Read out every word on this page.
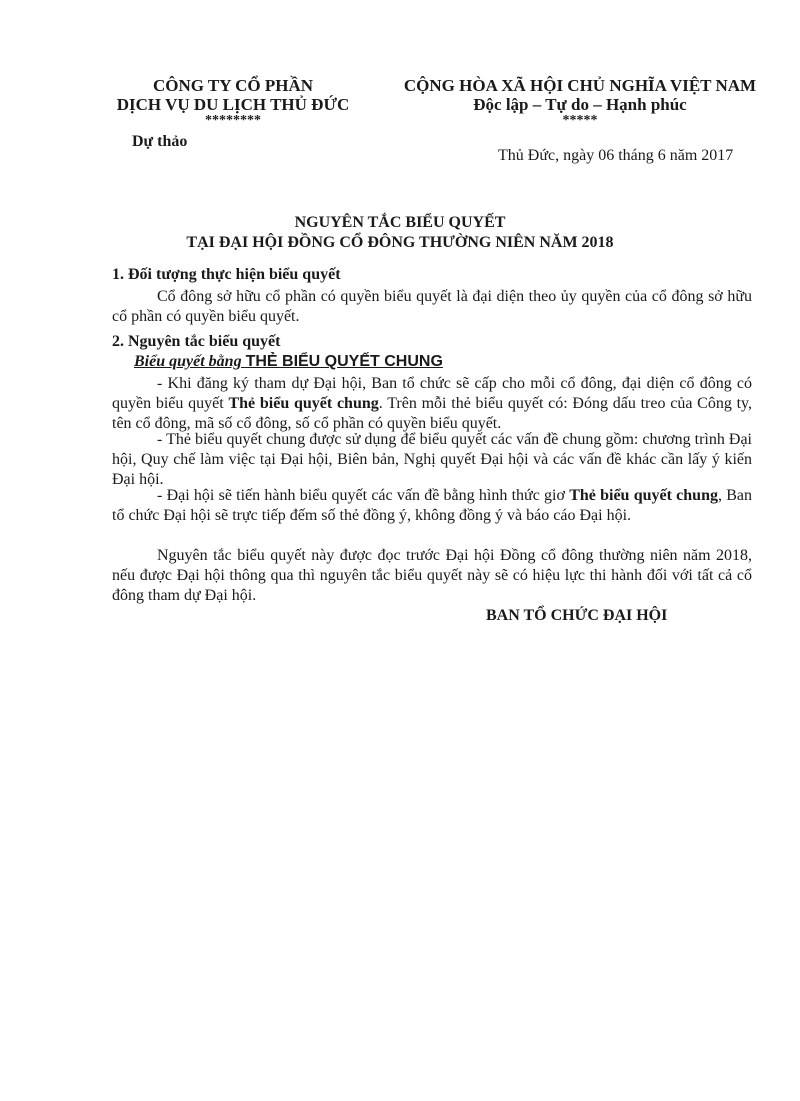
CÔNG TY CỔ PHẦN
DỊCH VỤ DU LỊCH THỦ ĐỨC
********
CỘNG HÒA XÃ HỘI CHỦ NGHĨA VIỆT NAM
Độc lập – Tự do – Hạnh phúc
*****
Dự thảo
Thủ Đức, ngày 06 tháng 6 năm 2017
NGUYÊN TẮC BIỂU QUYẾT
TẠI ĐẠI HỘI ĐỒNG CỔ ĐÔNG THƯỜNG NIÊN NĂM 2018
1. Đối tượng thực hiện biểu quyết
Cổ đông sở hữu cổ phần có quyền biểu quyết là đại diện theo ủy quyền của cổ đông sở hữu cổ phần có quyền biểu quyết.
2. Nguyên tắc biểu quyết
Biểu quyết bằng THẺ BIỂU QUYẾT CHUNG
- Khi đăng ký tham dự Đại hội, Ban tổ chức sẽ cấp cho mỗi cổ đông, đại diện cổ đông có quyền biểu quyết Thẻ biểu quyết chung. Trên mỗi thẻ biểu quyết có: Đóng dấu treo của Công ty, tên cổ đông, mã số cổ đông, số cổ phần có quyền biểu quyết.
- Thẻ biểu quyết chung được sử dụng để biểu quyết các vấn đề chung gồm: chương trình Đại hội, Quy chế làm việc tại Đại hội, Biên bản, Nghị quyết Đại hội và các vấn đề khác cần lấy ý kiến Đại hội.
- Đại hội sẽ tiến hành biểu quyết các vấn đề bằng hình thức giơ Thẻ biểu quyết chung, Ban tổ chức Đại hội sẽ trực tiếp đếm số thẻ đồng ý, không đồng ý và báo cáo Đại hội.
Nguyên tắc biểu quyết này được đọc trước Đại hội Đồng cổ đông thường niên năm 2018, nếu được Đại hội thông qua thì nguyên tắc biểu quyết này sẽ có hiệu lực thi hành đối với tất cả cổ đông tham dự Đại hội.
BAN TỔ CHỨC ĐẠI HỘI
